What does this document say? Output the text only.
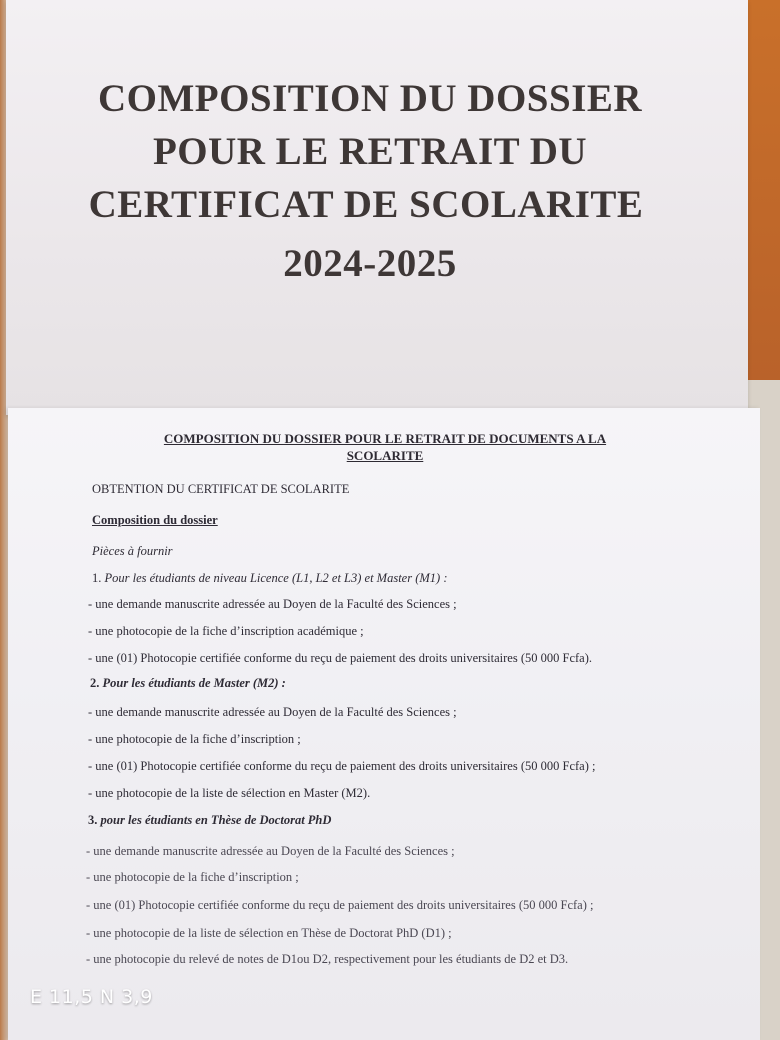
COMPOSITION DU DOSSIER
POUR LE RETRAIT DU
CERTIFICAT DE SCOLARITE
2024-2025
COMPOSITION DU DOSSIER POUR LE RETRAIT DE DOCUMENTS A LA
SCOLARITE
OBTENTION DU CERTIFICAT DE SCOLARITE
Composition du dossier
Pièces à fournir
1. Pour les étudiants de niveau Licence (L1, L2 et L3) et Master (M1) :
- une demande manuscrite adressée au Doyen de la Faculté des Sciences ;
- une photocopie de la fiche d’inscription académique ;
- une (01) Photocopie certifiée conforme du reçu de paiement des droits universitaires (50 000 Fcfa).
2. Pour les étudiants de Master (M2) :
- une demande manuscrite adressée au Doyen de la Faculté des Sciences ;
- une photocopie de la fiche d’inscription ;
- une (01) Photocopie certifiée conforme du reçu de paiement des droits universitaires (50 000 Fcfa) ;
- une photocopie de la liste de sélection en Master (M2).
3. pour les étudiants en Thèse de Doctorat PhD
- une demande manuscrite adressée au Doyen de la Faculté des Sciences ;
- une photocopie de la fiche d’inscription ;
- une (01) Photocopie certifiée conforme du reçu de paiement des droits universitaires (50 000 Fcfa) ;
- une photocopie de la liste de sélection en Thèse de Doctorat PhD (D1) ;
- une photocopie du relevé de notes de D1ou D2, respectivement pour les étudiants de D2 et D3.
E 11,5 N 3,9
